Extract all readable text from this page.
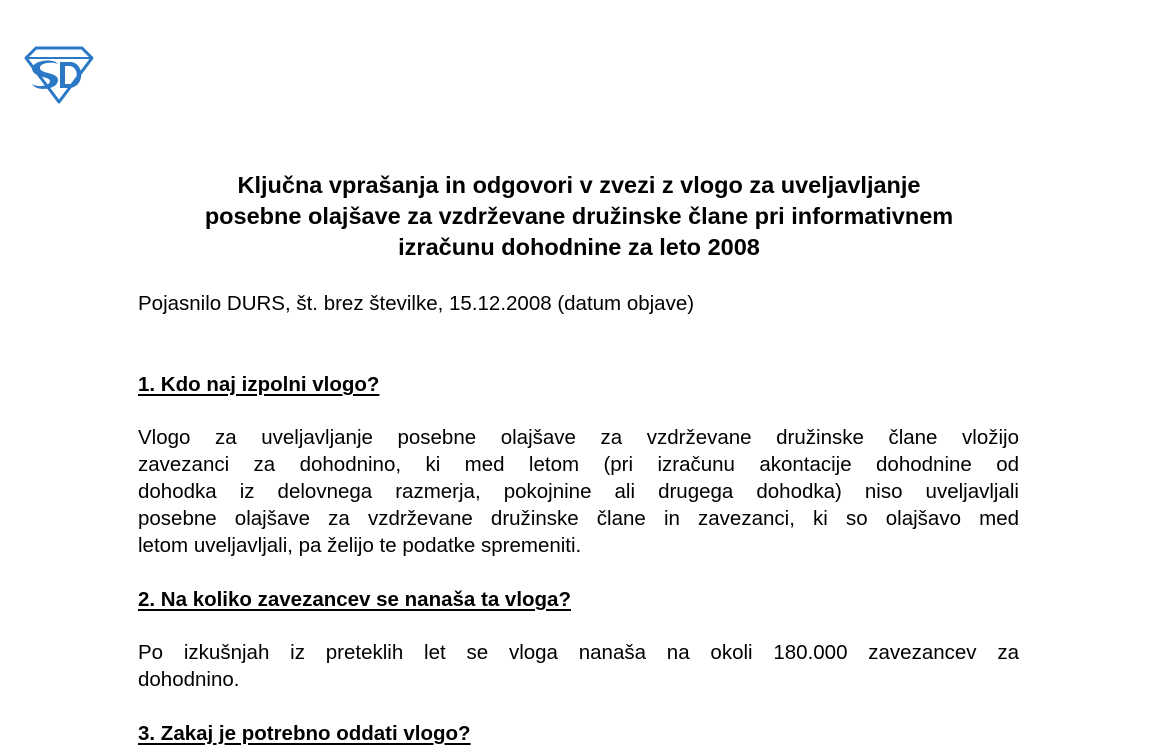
Ključna vprašanja in odgovori v zvezi z vlogo za uveljavljanje
posebne olajšave za vzdrževane družinske člane pri informativnem
izračunu dohodnine za leto 2008
Pojasnilo DURS, št. brez številke, 15.12.2008 (datum objave)
1. Kdo naj izpolni vlogo?
Vlogo za uveljavljanje posebne olajšave za vzdrževane družinske člane vložijo
zavezanci za dohodnino, ki med letom (pri izračunu akontacije dohodnine od
dohodka iz delovnega razmerja, pokojnine ali drugega dohodka) niso uveljavljali
posebne olajšave za vzdrževane družinske člane in zavezanci, ki so olajšavo med
letom uveljavljali, pa želijo te podatke spremeniti.
2. Na koliko zavezancev se nanaša ta vloga?
Po izkušnjah iz preteklih let se vloga nanaša na okoli 180.000 zavezancev za
dohodnino.
3. Zakaj je potrebno oddati vlogo?
